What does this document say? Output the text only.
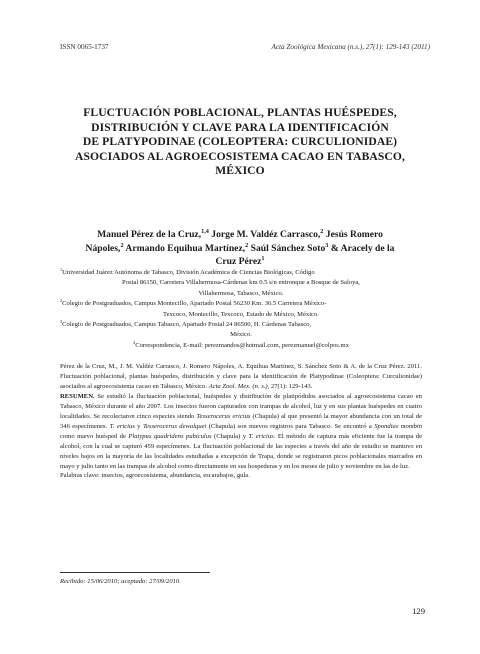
ISSN 0065-1737	Acta Zoológica Mexicana (n.s.), 27(1): 129-143 (2011)
FLUCTUACIÓN POBLACIONAL, PLANTAS HUÉSPEDES,
DISTRIBUCIÓN Y CLAVE PARA LA IDENTIFICACIÓN
DE PLATYPODINAE (COLEOPTERA: CURCULIONIDAE)
ASOCIADOS AL AGROECOSISTEMA CACAO EN TABASCO,
MÉXICO
Manuel Pérez de la Cruz,$^{1,4}$ Jorge M. Valdéz Carrasco,$^2$ Jesús Romero
Nápoles,$^2$ Armando Equihua Martínez,$^2$ Saúl Sánchez Soto$^3$ & Aracely de la
Cruz Pérez$^1$
$^1$Universidad Juárez Autónoma de Tabasco, División Académica de Ciencias Biológicas, Código
Postal 86150, Carretera Villahermosa-Cárdenas km 0.5 s/n entronque a Bosque de Saloya,
Villahermosa, Tabasco, México.
$^2$Colegio de Postgraduados, Campus Montecillo, Apartado Postal 56230 Km. 36.5 Carretera México-
Texcoco, Montecillo, Texcoco, Estado de México, México.
$^3$Colegio de Postgraduados, Campus Tabasco, Apartado Postal 24 86500, H. Cárdenas Tabasco,
México.
$^4$Correspondencia, E-mail: perezmandos@hotmail.com, perezmanuel@colpos.mx

Pérez de la Cruz, M., J. M. Valdéz Carrasco, J. Romero Nápoles, A. Equihua Martínez, S. Sánchez Soto & A. de la Cruz Pérez. 2011. Fluctuación poblacional, plantas huéspedes, distribución y clave para la identificación de Platypodinae (Coleoptera: Curculionidae) asociados al agroecosistema cacao en Tabasco, México. Acta Zool. Mex. (n. s.), 27(1): 129-143.

RESUMEN. Se estudió la fluctuación poblacional, huéspedes y distribución de platipódidos asociados al agroecosistema cacao en Tabasco, México durante el año 2007. Los insectos fueron capturados con trampas de alcohol, luz y en sus plantas huéspedes en cuatro localidades. Se recolectaron cinco especies siendo Tesserocerus ericius (Chapula) al que presentó la mayor abundancia con un total de 346 especímenes. T. ericius y Tesserocerus dewalquei (Chapula) son nuevos registros para Tabasco. Se encontró a Spondias mombin como nuevo huésped de Platypus quadridens pubiculus (Chapula) y T. ericius. El método de captura más eficiente fue la trampa de alcohol, con la cual se capturó 459 especímenes. La fluctuación poblacional de las especies a través del año de estudio se mantuvo en niveles bajos en la mayoría de las localidades estudiadas a excepción de Trapa, donde se registraron picos poblacionales marcados en mayo y julio tanto en las trampas de alcohol como directamente en sus hospederas y en los meses de julio y noviembre en las de luz.

Palabras clave: insectos, agroecosistema, abundancia, escarabajos, gula.

Recibido: 15/06/2010; aceptado: 27/09/2010.
129
